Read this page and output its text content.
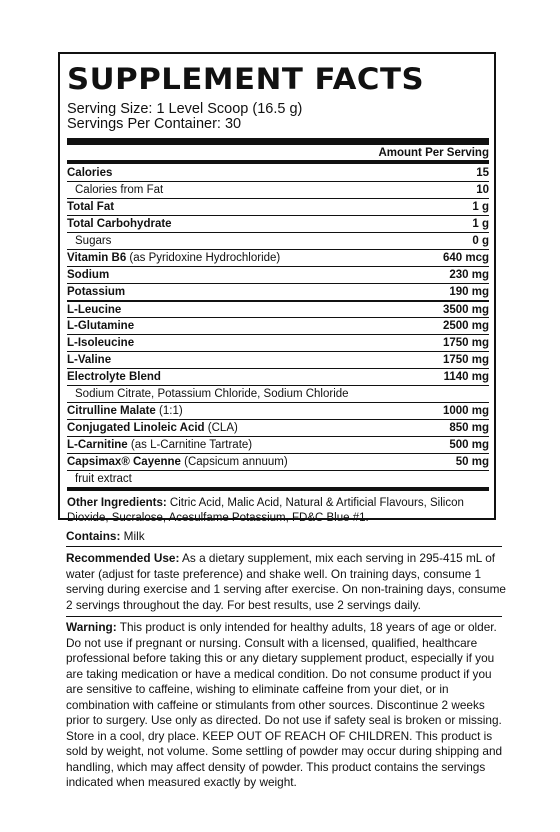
SUPPLEMENT FACTS
Serving Size: 1 Level Scoop (16.5 g)
Servings Per Container: 30
Amount Per Serving
Calories	15
Calories from Fat	10
Total Fat	1 g
Total Carbohydrate	1 g
Sugars	0 g
Vitamin B6 (as Pyridoxine Hydrochloride)	640 mcg
Sodium	230 mg
Potassium	190 mg
L-Leucine	3500 mg
L-Glutamine	2500 mg
L-Isoleucine	1750 mg
L-Valine	1750 mg
Electrolyte Blend	1140 mg
Sodium Citrate, Potassium Chloride, Sodium Chloride
Citrulline Malate (1:1)	1000 mg
Conjugated Linoleic Acid (CLA)	850 mg
L-Carnitine (as L-Carnitine Tartrate)	500 mg
Capsimax® Cayenne (Capsicum annuum)	50 mg
fruit extract
Other Ingredients: Citric Acid, Malic Acid, Natural & Artificial Flavours, Silicon Dioxide, Sucralose, Acesulfame Potassium, FD&C Blue #1.

Contains: Milk

Recommended Use: As a dietary supplement, mix each serving in 295-415 mL of water (adjust for taste preference) and shake well. On training days, consume 1 serving during exercise and 1 serving after exercise. On non-training days, consume 2 servings throughout the day. For best results, use 2 servings daily.

Warning: This product is only intended for healthy adults, 18 years of age or older. Do not use if pregnant or nursing. Consult with a licensed, qualified, healthcare professional before taking this or any dietary supplement product, especially if you are taking medication or have a medical condition. Do not consume product if you are sensitive to caffeine, wishing to eliminate caffeine from your diet, or in combination with caffeine or stimulants from other sources. Discontinue 2 weeks prior to surgery. Use only as directed. Do not use if safety seal is broken or missing. Store in a cool, dry place. KEEP OUT OF REACH OF CHILDREN. This product is sold by weight, not volume. Some settling of powder may occur during shipping and handling, which may affect density of powder. This product contains the servings indicated when measured exactly by weight.
